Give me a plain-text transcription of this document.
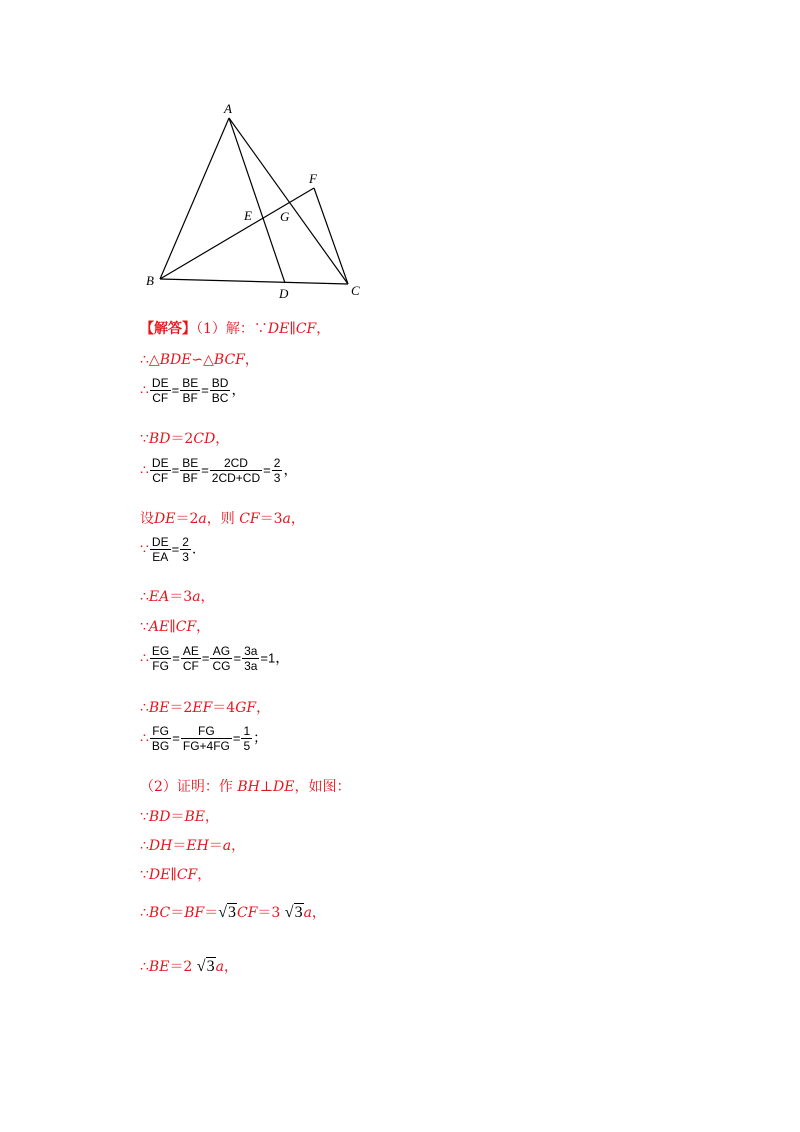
A
B
C
D
E
F
G
【解答】（1）解：∵DE∥CF，
∴△BDE∽△BCF，
∴ $\frac{DE}{CF} = \frac{BE}{BF} = \frac{BD}{BC}$ ，
∵BD＝2CD，
∴ $\frac{DE}{CF} = \frac{BE}{BF} = \frac{2CD}{2CD+CD} = \frac{2}{3}$ ，
设DE＝2a，则 CF＝3a，
∵ $\frac{DE}{EA} = \frac{2}{3}$ .
∴EA＝3a，
∵AE∥CF，
∴ $\frac{EG}{FG} = \frac{AE}{CF} = \frac{AG}{CG} = \frac{3a}{3a} =1$，
∴BE＝2EF＝4GF，
∴ $\frac{FG}{BG} = \frac{FG}{FG+4FG} = \frac{1}{5}$ ；
（2）证明：作 BH⊥DE，如图：
∵BD＝BE，
∴DH＝EH＝a，
∵DE∥CF，
∴BC＝BF＝√3CF＝3 √3a，
∴BE＝2 √3a，
